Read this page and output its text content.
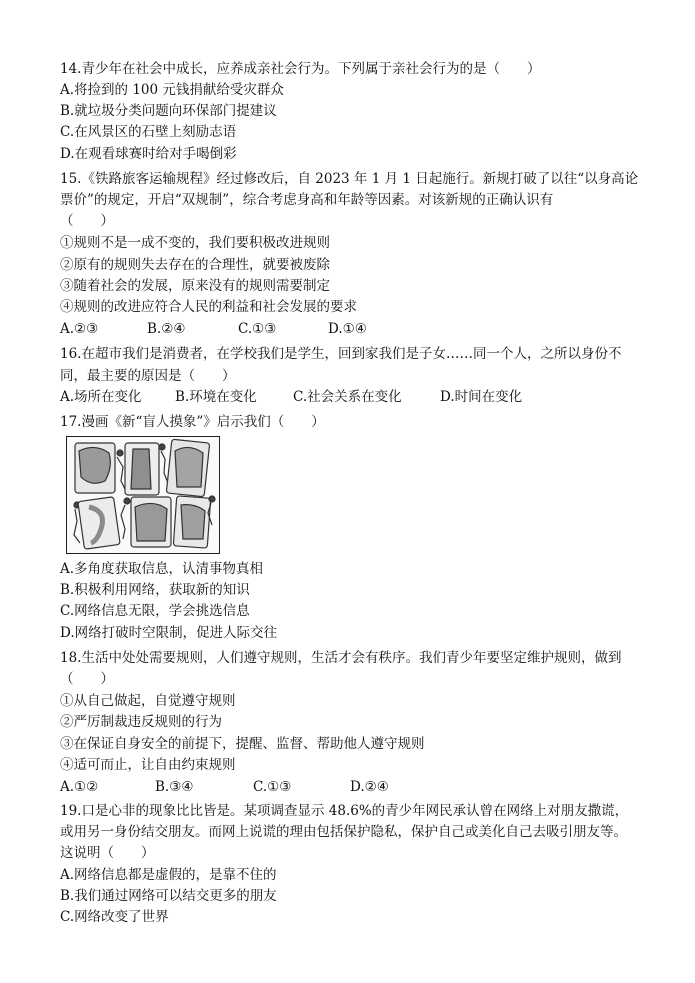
14.青少年在社会中成长，应养成亲社会行为。下列属于亲社会行为的是（　　）
A.将捡到的 100 元钱捐献给受灾群众
B.就垃圾分类问题向环保部门提建议
C.在风景区的石壁上刻励志语
D.在观看球赛时给对手喝倒彩
15.《铁路旅客运输规程》经过修改后，自 2023 年 1 月 1 日起施行。新规打破了以往“以身高论
票价”的规定，开启“双规制”，综合考虑身高和年龄等因素。对该新规的正确认识有
（　　）
①规则不是一成不变的，我们要积极改进规则
②原有的规则失去存在的合理性，就要被废除
③随着社会的发展，原来没有的规则需要制定
④规则的改进应符合人民的利益和社会发展的要求
A.②③	B.②④	C.①③	D.①④
16.在超市我们是消费者，在学校我们是学生，回到家我们是子女……同一个人，之所以身份不
同，最主要的原因是（　　）
A.场所在变化 B.环境在变化	C.社会关系在变化	D.时间在变化
17.漫画《新“盲人摸象”》启示我们（　　）
A.多角度获取信息，认清事物真相
B.积极利用网络，获取新的知识
C.网络信息无限，学会挑选信息
D.网络打破时空限制，促进人际交往
18.生活中处处需要规则，人们遵守规则，生活才会有秩序。我们青少年要坚定维护规则，做到
（　　）
①从自己做起，自觉遵守规则
②严厉制裁违反规则的行为
③在保证自身安全的前提下，提醒、监督、帮助他人遵守规则
④适可而止，让自由约束规则
A.①②	B.③④	C.①③	D.②④
19.口是心非的现象比比皆是。某项调查显示 48.6%的青少年网民承认曾在网络上对朋友撒谎，
或用另一身份结交朋友。而网上说谎的理由包括保护隐私，保护自己或美化自己去吸引朋友等。
这说明（　　）
A.网络信息都是虚假的，是靠不住的
B.我们通过网络可以结交更多的朋友
C.网络改变了世界
